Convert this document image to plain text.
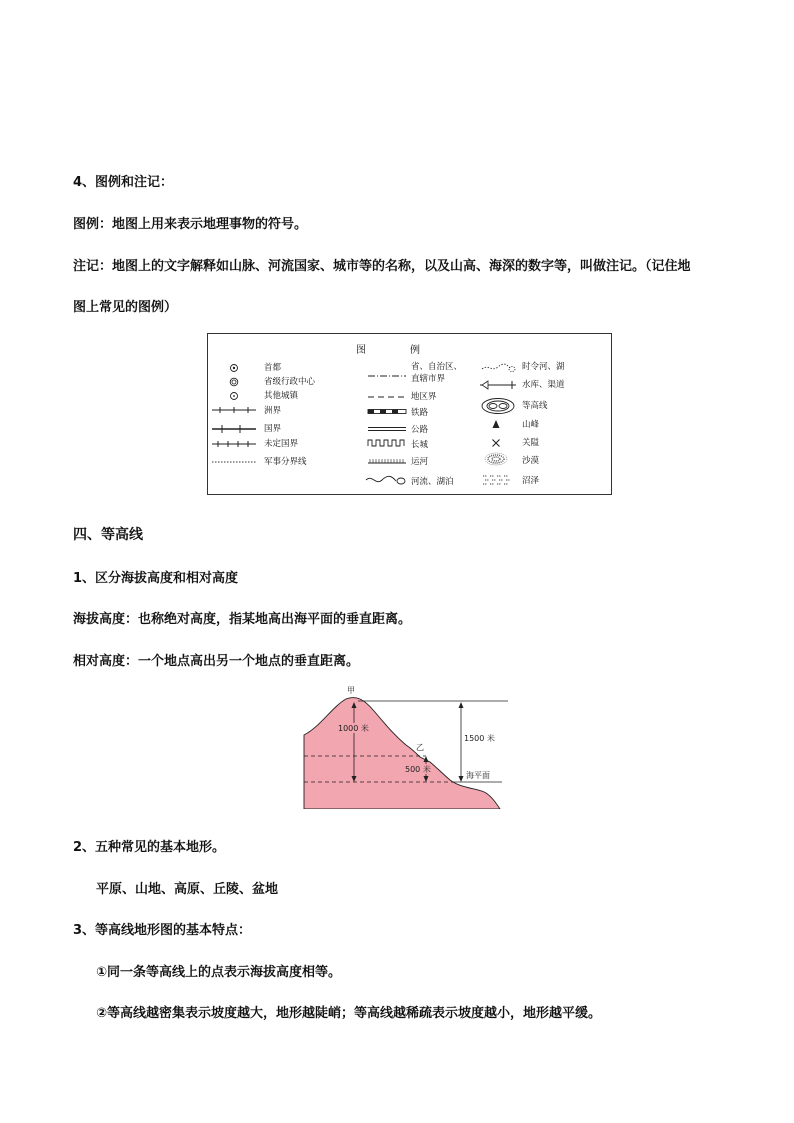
4、图例和注记：
图例：地图上用来表示地理事物的符号。
注记：地图上的文字解释如山脉、河流国家、城市等的名称，以及山高、海深的数字等，叫做注记。（记住地
图上常见的图例）
图	例
首都
省级行政中心
其他城镇
洲界
国界
未定国界
军事分界线
省、自治区、
直辖市界
地区界
铁路
公路
长城
运河
河流、湖泊
时令河、湖
水库、渠道
等高线
山峰
关隘
沙漠
沼泽
四、等高线
1、区分海拔高度和相对高度
海拔高度：也称绝对高度，指某地高出海平面的垂直距离。
相对高度：一个地点高出另一个地点的垂直距离。
1000 米
500 米
甲
乙
1500 米
海平面
2、五种常见的基本地形。
平原、山地、高原、丘陵、盆地
3、等高线地形图的基本特点：
①同一条等高线上的点表示海拔高度相等。
②等高线越密集表示坡度越大，地形越陡峭；等高线越稀疏表示坡度越小，地形越平缓。
